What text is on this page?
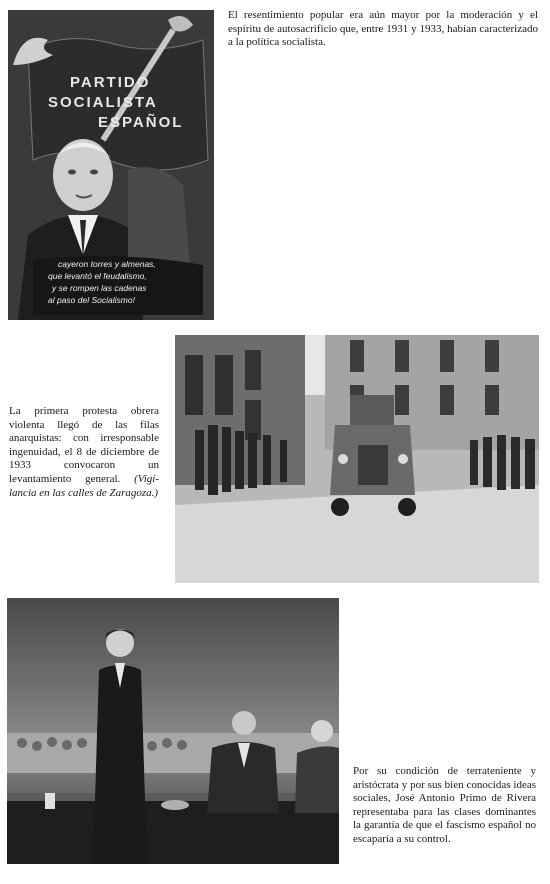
PARTIDO
SOCIALISTA
ESPAÑOL
cayeron torres y almenas,
que levantó el feudalismo,
y se rompen las cadenas
al paso del Socialismo!
El resentimiento popular era aún mayor por la moderación y el espíritu de autosacrificio que, entre 1931 y 1933, habían caracterizado a la política socialista.
La primera protesta obrera violenta llegó de las filas anarquistas: con irresponsable ingenuidad, el 8 de diciembre de 1933 convocaron un levantamiento general. (Vigilancia en las calles de Zaragoza.)
Por su condición de terrateniente y aristócrata y por sus bien conocidas ideas sociales, José Antonio Primo de Rivera representaba para las clases dominantes la garantía de que el fascismo español no escaparía a su control.
